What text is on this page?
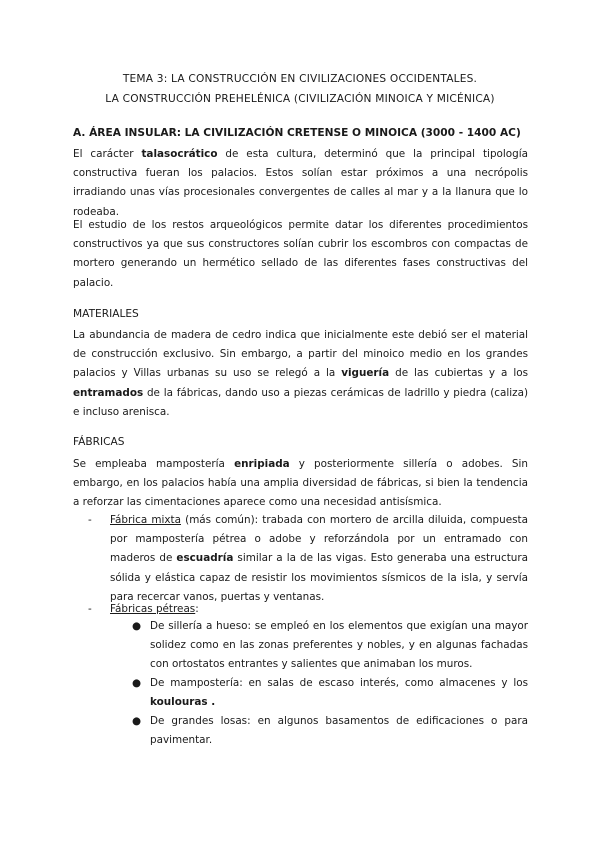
TEMA 3: LA CONSTRUCCIÓN EN CIVILIZACIONES OCCIDENTALES.
LA CONSTRUCCIÓN PREHELÉNICA (CIVILIZACIÓN MINOICA Y MICÉNICA)
A. ÁREA INSULAR: LA CIVILIZACIÓN CRETENSE O MINOICA (3000 - 1400 AC)
El carácter talasocrático de esta cultura, determinó que la principal tipología constructiva fueran los palacios. Estos solían estar próximos a una necrópolis irradiando unas vías procesionales convergentes de calles al mar y a la llanura que lo rodeaba.
El estudio de los restos arqueológicos permite datar los diferentes procedimientos constructivos ya que sus constructores solían cubrir los escombros con compactas de mortero generando un hermético sellado de las diferentes fases constructivas del palacio.
MATERIALES
La abundancia de madera de cedro indica que inicialmente este debió ser el material de construcción exclusivo. Sin embargo, a partir del minoico medio en los grandes palacios y Villas urbanas su uso se relegó a la viguería de las cubiertas y a los entramados de la fábricas, dando uso a piezas cerámicas de ladrillo y piedra (caliza) e incluso arenisca.
FÁBRICAS
Se empleaba mampostería enripiada y posteriormente sillería o adobes. Sin embargo, en los palacios había una amplia diversidad de fábricas, si bien la tendencia a reforzar las cimentaciones aparece como una necesidad antisísmica.
- Fábrica mixta (más común): trabada con mortero de arcilla diluida, compuesta por mampostería pétrea o adobe y reforzándola por un entramado con maderos de escuadría similar a la de las vigas. Esto generaba una estructura sólida y elástica capaz de resistir los movimientos sísmicos de la isla, y servía para recercar vanos, puertas y ventanas.
- Fábricas pétreas:
● De sillería a hueso: se empleó en los elementos que exigían una mayor solidez como en las zonas preferentes y nobles, y en algunas fachadas con ortostatos entrantes y salientes que animaban los muros.
● De mampostería: en salas de escaso interés, como almacenes y los koulouras .
● De grandes losas: en algunos basamentos de edificaciones o para pavimentar.
